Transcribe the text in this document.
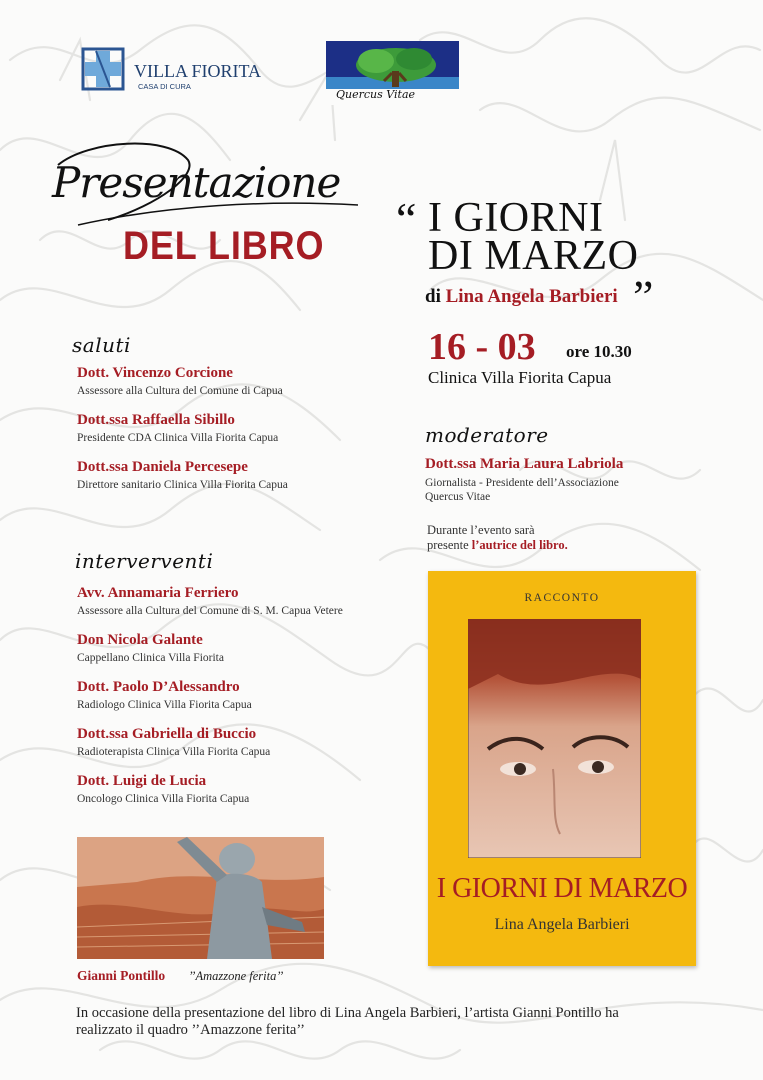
VILLA FIORITA
CASA DI CURA
Quercus Vitae
Presentazione
DEL LIBRO
“ I GIORNI
DI MARZO
„
di Lina Angela Barbieri
16 - 03 ore 10.30
Clinica Villa Fiorita Capua
saluti
Dott. Vincenzo Corcione
Assessore alla Cultura del Comune di Capua
Dott.ssa Raffaella Sibillo
Presidente CDA Clinica Villa Fiorita Capua
Dott.ssa Daniela Percesepe
Direttore sanitario Clinica Villa Fiorita Capua
moderatore
Dott.ssa Maria Laura Labriola
Giornalista - Presidente dell’Associazione
Quercus Vitae
Durante l’evento sarà
presente l’autrice del libro.
interverventi
Avv. Annamaria Ferriero
Assessore alla Cultura del Comune di S. M. Capua Vetere
Don Nicola Galante
Cappellano Clinica Villa Fiorita
Dott. Paolo D’Alessandro
Radiologo Clinica Villa Fiorita Capua
Dott.ssa Gabriella di Buccio
Radioterapista Clinica Villa Fiorita Capua
Dott. Luigi de Lucia
Oncologo Clinica Villa Fiorita Capua
RACCONTO
I GIORNI DI MARZO
Lina Angela Barbieri
Gianni Pontillo ’’Amazzone ferita’’
In occasione della presentazione del libro di Lina Angela Barbieri, l’artista Gianni Pontillo ha
realizzato il quadro ’’Amazzone ferita’’
